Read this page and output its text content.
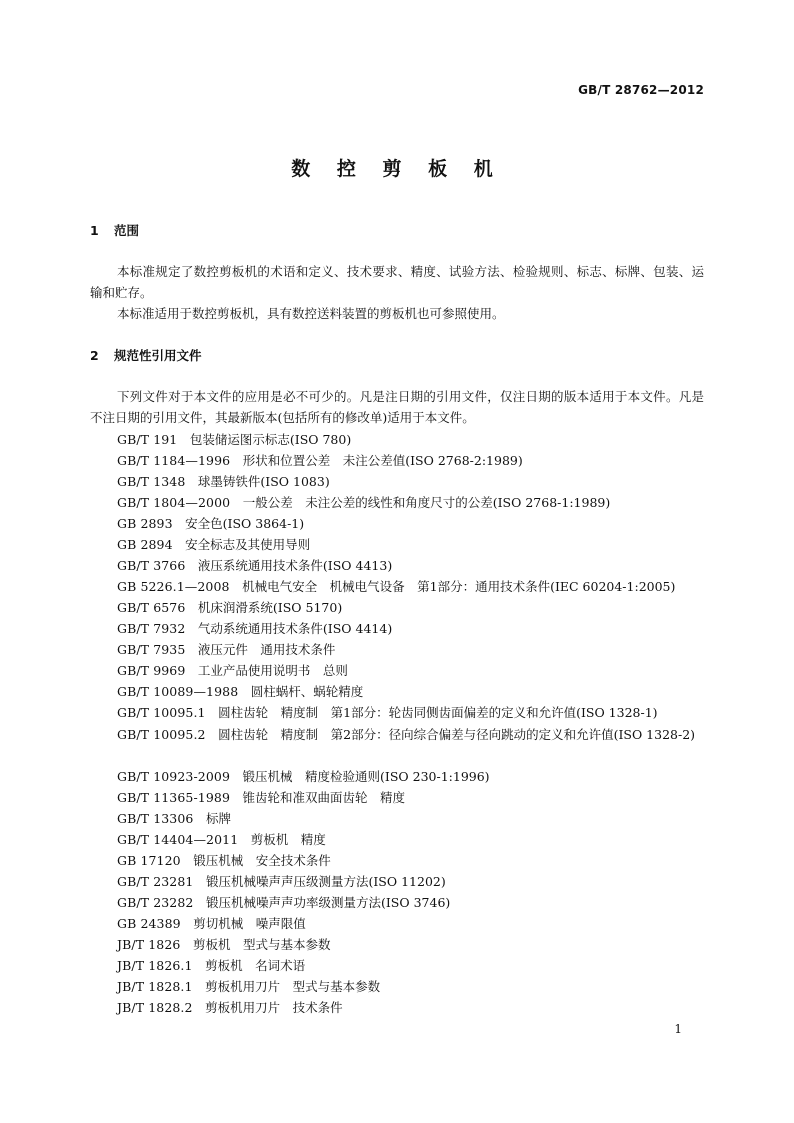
GB/T 28762—2012
数 控 剪 板 机
1 范围

本标准规定了数控剪板机的术语和定义、技术要求、精度、试验方法、检验规则、标志、标牌、包装、运输和贮存。

本标准适用于数控剪板机，具有数控送料装置的剪板机也可参照使用。

2 规范性引用文件

下列文件对于本文件的应用是必不可少的。凡是注日期的引用文件，仅注日期的版本适用于本文件。凡是不注日期的引用文件，其最新版本(包括所有的修改单)适用于本文件。

GB/T 191　 包装储运图示标志(ISO 780)
GB/T 1184—1996　 形状和位置公差　未注公差值(ISO 2768-2:1989)
GB/T 1348　 球墨铸铁件(ISO 1083)
GB/T 1804—2000　 一般公差　未注公差的线性和角度尺寸的公差(ISO 2768-1:1989)
GB 2893　 安全色(ISO 3864-1)
GB 2894　 安全标志及其使用导则
GB/T 3766　 液压系统通用技术条件(ISO 4413)
GB 5226.1—2008　 机械电气安全　机械电气设备　第1部分：通用技术条件(IEC 60204-1:2005)
GB/T 6576　 机床润滑系统(ISO 5170)
GB/T 7932　 气动系统通用技术条件(ISO 4414)
GB/T 7935　 液压元件　通用技术条件
GB/T 9969　 工业产品使用说明书　总则
GB/T 10089—1988　 圆柱蜗杆、蜗轮精度
GB/T 10095.1　 圆柱齿轮　精度制　第1部分：轮齿同侧齿面偏差的定义和允许值(ISO 1328-1)

GB/T 10095.2　 圆柱齿轮　精度制　第2部分：径向综合偏差与径向跳动的定义和允许值(ISO 1328-2)

GB/T 10923-2009　 锻压机械　精度检验通则(ISO 230-1:1996)
GB/T 11365-1989　 锥齿轮和准双曲面齿轮　精度
GB/T 13306　 标牌
GB/T 14404—2011　 剪板机　精度
GB 17120　 锻压机械　安全技术条件
GB/T 23281　 锻压机械噪声声压级测量方法(ISO 11202)
GB/T 23282　 锻压机械噪声声功率级测量方法(ISO 3746)
GB 24389　 剪切机械　噪声限值
JB/T 1826　 剪板机　型式与基本参数
JB/T 1826.1　 剪板机　名词术语
JB/T 1828.1　 剪板机用刀片　型式与基本参数
JB/T 1828.2　 剪板机用刀片　技术条件
1
